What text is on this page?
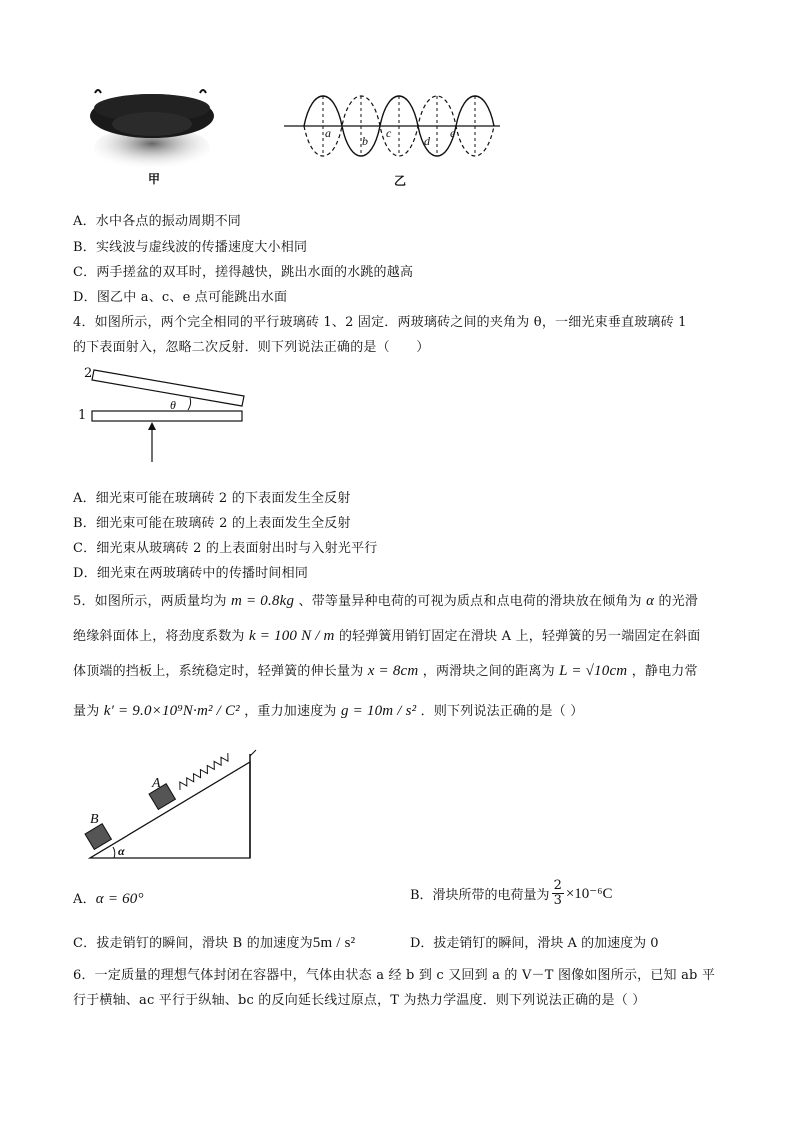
甲
a
b
c
d
e
乙
A．水中各点的振动周期不同
B．实线波与虚线波的传播速度大小相同
C．两手搓盆的双耳时，搓得越快，跳出水面的水跳的越高
D．图乙中 a、c、e 点可能跳出水面
4．如图所示，两个完全相同的平行玻璃砖 1、2 固定．两玻璃砖之间的夹角为 θ，一细光束垂直玻璃砖 1
的下表面射入，忽略二次反射．则下列说法正确的是（　　）
2
1
θ
A．细光束可能在玻璃砖 2 的下表面发生全反射
B．细光束可能在玻璃砖 2 的上表面发生全反射
C．细光束从玻璃砖 2 的上表面射出时与入射光平行
D．细光束在两玻璃砖中的传播时间相同
5．如图所示，两质量均为 m = 0.8kg 、带等量异种电荷的可视为质点和点电荷的滑块放在倾角为 α 的光滑
绝缘斜面体上，将劲度系数为 k = 100 N / m 的轻弹簧用销钉固定在滑块 A 上，轻弹簧的另一端固定在斜面
体顶端的挡板上，系统稳定时，轻弹簧的伸长量为 x = 8cm ，两滑块之间的距离为 L = √10cm ，静电力常
量为 k′ = 9.0×10⁹N·m² / C² ，重力加速度为 g = 10m / s² ．则下列说法正确的是（ ）
A
B
α
A．α = 60°	B．滑块所带的电荷量为 $\frac{2}{3} \times 10^{-6}C$
C．拔走销钉的瞬间，滑块 B 的加速度为5m / s²	D．拔走销钉的瞬间，滑块 A 的加速度为 0
6．一定质量的理想气体封闭在容器中，气体由状态 a 经 b 到 c 又回到 a 的 V－T 图像如图所示，已知 ab 平
行于横轴、ac 平行于纵轴、bc 的反向延长线过原点，T 为热力学温度．则下列说法正确的是（ ）
